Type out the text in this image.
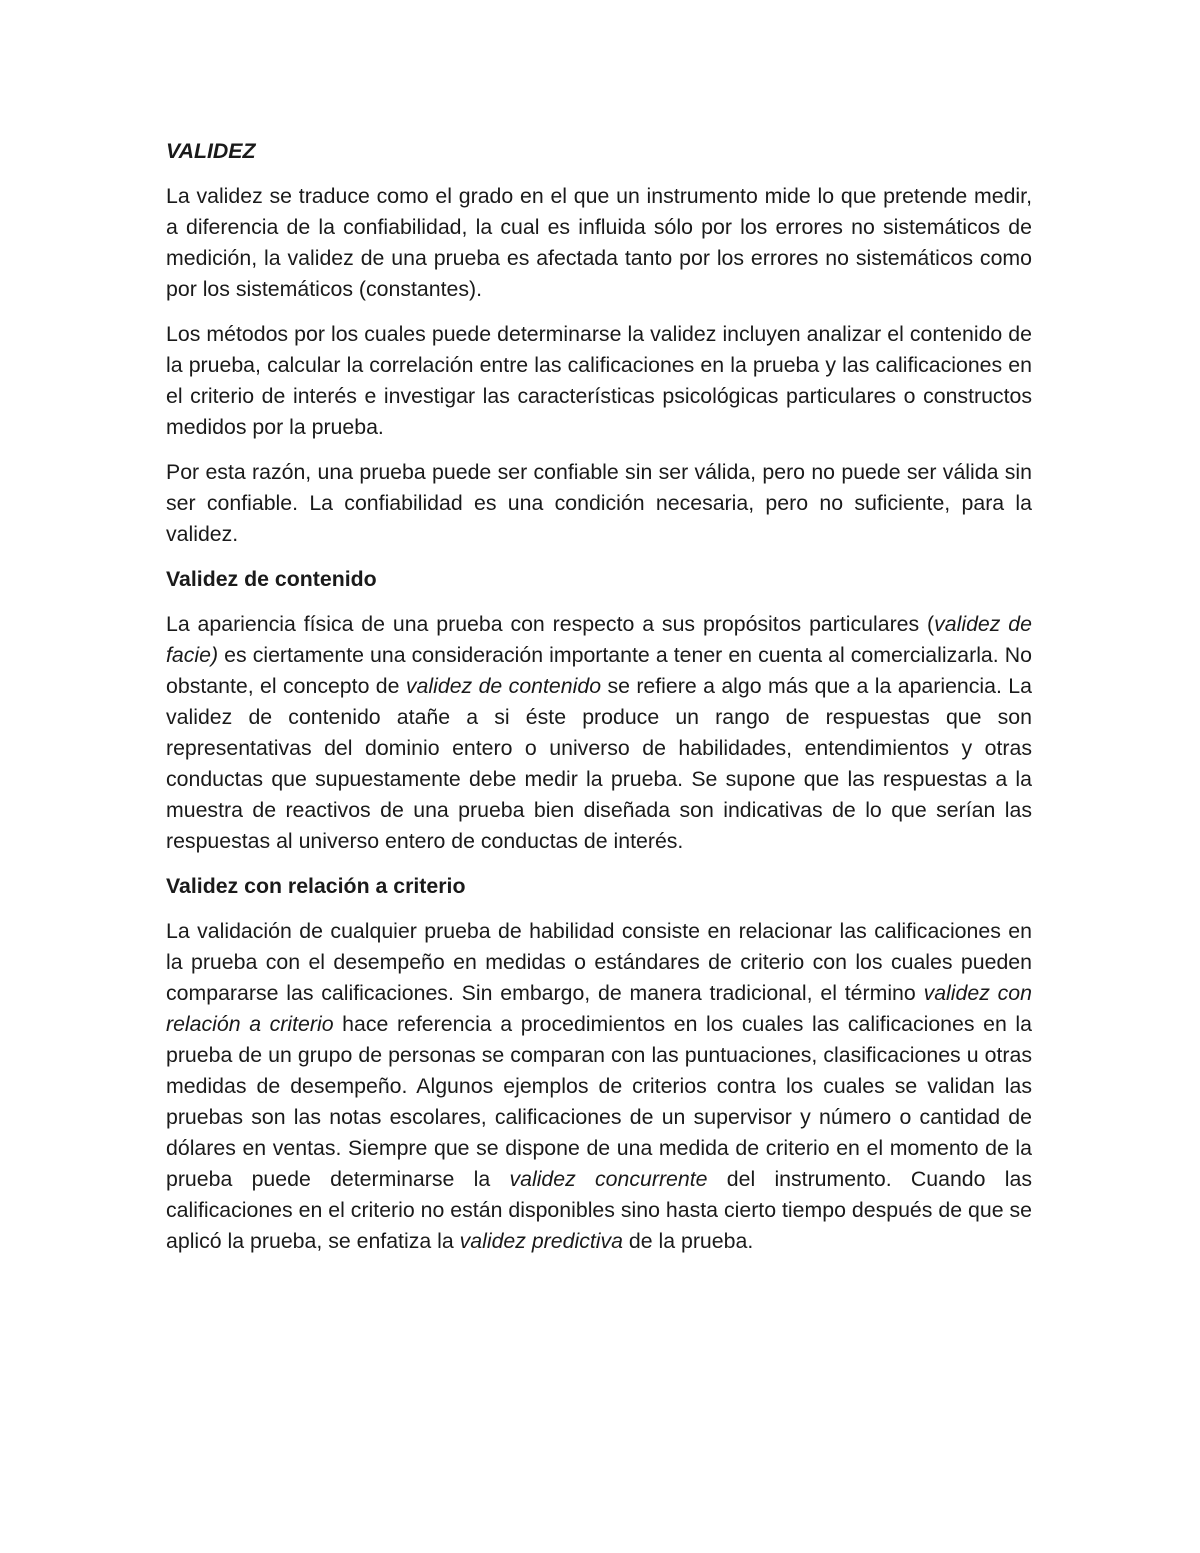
VALIDEZ

La validez se traduce como el grado en el que un instrumento mide lo que pretende medir, a diferencia de la confiabilidad, la cual es influida sólo por los errores no sistemáticos de medición, la validez de una prueba es afectada tanto por los errores no sistemáticos como por los sistemáticos (constantes).

Los métodos por los cuales puede determinarse la validez incluyen analizar el contenido de la prueba, calcular la correlación entre las calificaciones en la prueba y las calificaciones en el criterio de interés e investigar las características psicológicas particulares o constructos medidos por la prueba.

Por esta razón, una prueba puede ser confiable sin ser válida, pero no puede ser válida sin ser confiable. La confiabilidad es una condición necesaria, pero no suficiente, para la validez.

Validez de contenido

La apariencia física de una prueba con respecto a sus propósitos particulares (validez de facie) es ciertamente una consideración importante a tener en cuenta al comercializarla. No obstante, el concepto de validez de contenido se refiere a algo más que a la apariencia. La validez de contenido atañe a si éste produce un rango de respuestas que son representativas del dominio entero o universo de habilidades, entendimientos y otras conductas que supuestamente debe medir la prueba. Se supone que las respuestas a la muestra de reactivos de una prueba bien diseñada son indicativas de lo que serían las respuestas al universo entero de conductas de interés.

Validez con relación a criterio

La validación de cualquier prueba de habilidad consiste en relacionar las calificaciones en la prueba con el desempeño en medidas o estándares de criterio con los cuales pueden compararse las calificaciones. Sin embargo, de manera tradicional, el término validez con relación a criterio hace referencia a procedimientos en los cuales las calificaciones en la prueba de un grupo de personas se comparan con las puntuaciones, clasificaciones u otras medidas de desempeño. Algunos ejemplos de criterios contra los cuales se validan las pruebas son las notas escolares, calificaciones de un supervisor y número o cantidad de dólares en ventas. Siempre que se dispone de una medida de criterio en el momento de la prueba puede determinarse la validez concurrente del instrumento. Cuando las calificaciones en el criterio no están disponibles sino hasta cierto tiempo después de que se aplicó la prueba, se enfatiza la validez predictiva de la prueba.
